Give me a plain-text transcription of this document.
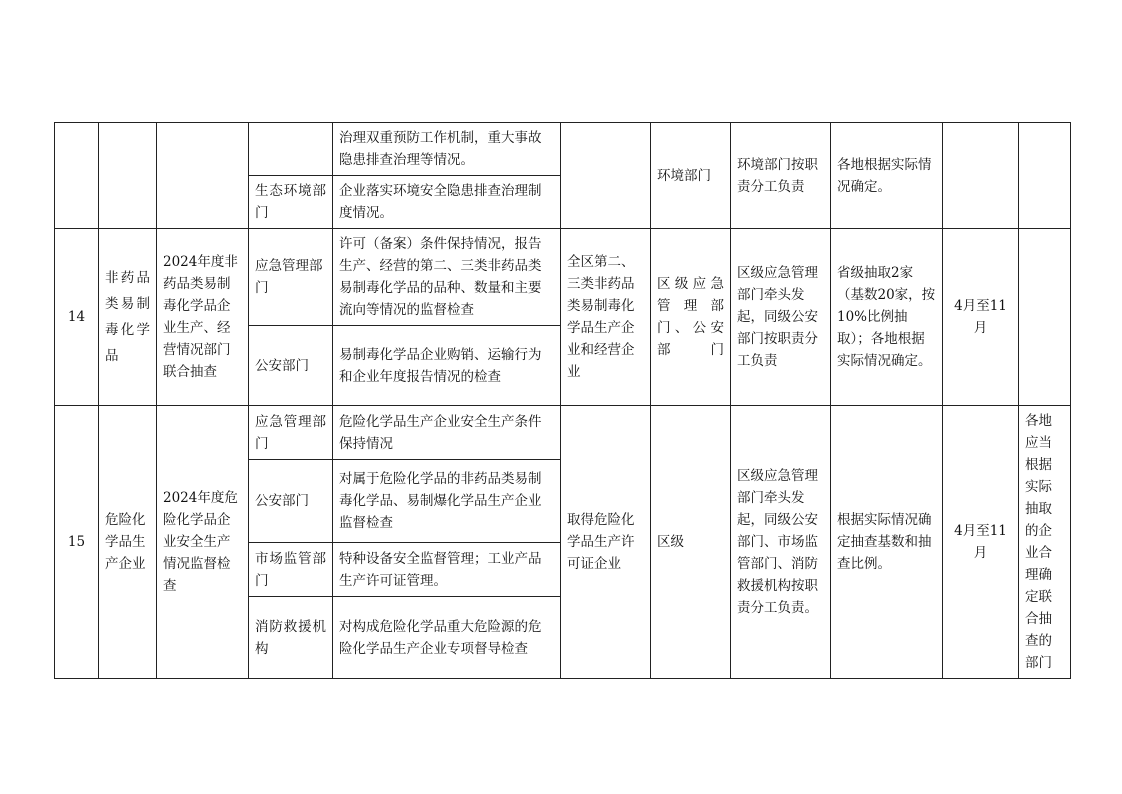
				治理双重预防工作机制，重大事故隐患排查治理等情况。		环境部门	环境部门按职责分工负责	各地根据实际情况确定。		
			生态环境部门	企业落实环境安全隐患排查治理制度情况。						
14	非药品类易制毒化学品	2024年度非药品类易制毒化学品企业生产、经营情况部门联合抽查	应急管理部门	许可（备案）条件保持情况，报告生产、经营的第二、三类非药品类易制毒化学品的品种、数量和主要流向等情况的监督检查	全区第二、三类非药品类易制毒化学品生产企业和经营企业	区级应急管理部门、公安部门	区级应急管理部门牵头发起，同级公安部门按职责分工负责	省级抽取2家（基数20家，按10%比例抽取）；各地根据实际情况确定。	4月至11月	
			公安部门	易制毒化学品企业购销、运输行为和企业年度报告情况的检查						
15	危险化学品生产企业	2024年度危险化学品企业安全生产情况监督检查	应急管理部门	危险化学品生产企业安全生产条件保持情况	取得危险化学品生产许可证企业	区级	区级应急管理部门牵头发起，同级公安部门、市场监管部门、消防救援机构按职责分工负责。	根据实际情况确定抽查基数和抽查比例。	4月至11月	各地应当根据实际抽取的企业合理确定联合抽查的部门
			公安部门	对属于危险化学品的非药品类易制毒化学品、易制爆化学品生产企业监督检查						
			市场监管部门	特种设备安全监督管理；工业产品生产许可证管理。						
			消防救援机构	对构成危险化学品重大危险源的危险化学品生产企业专项督导检查						
